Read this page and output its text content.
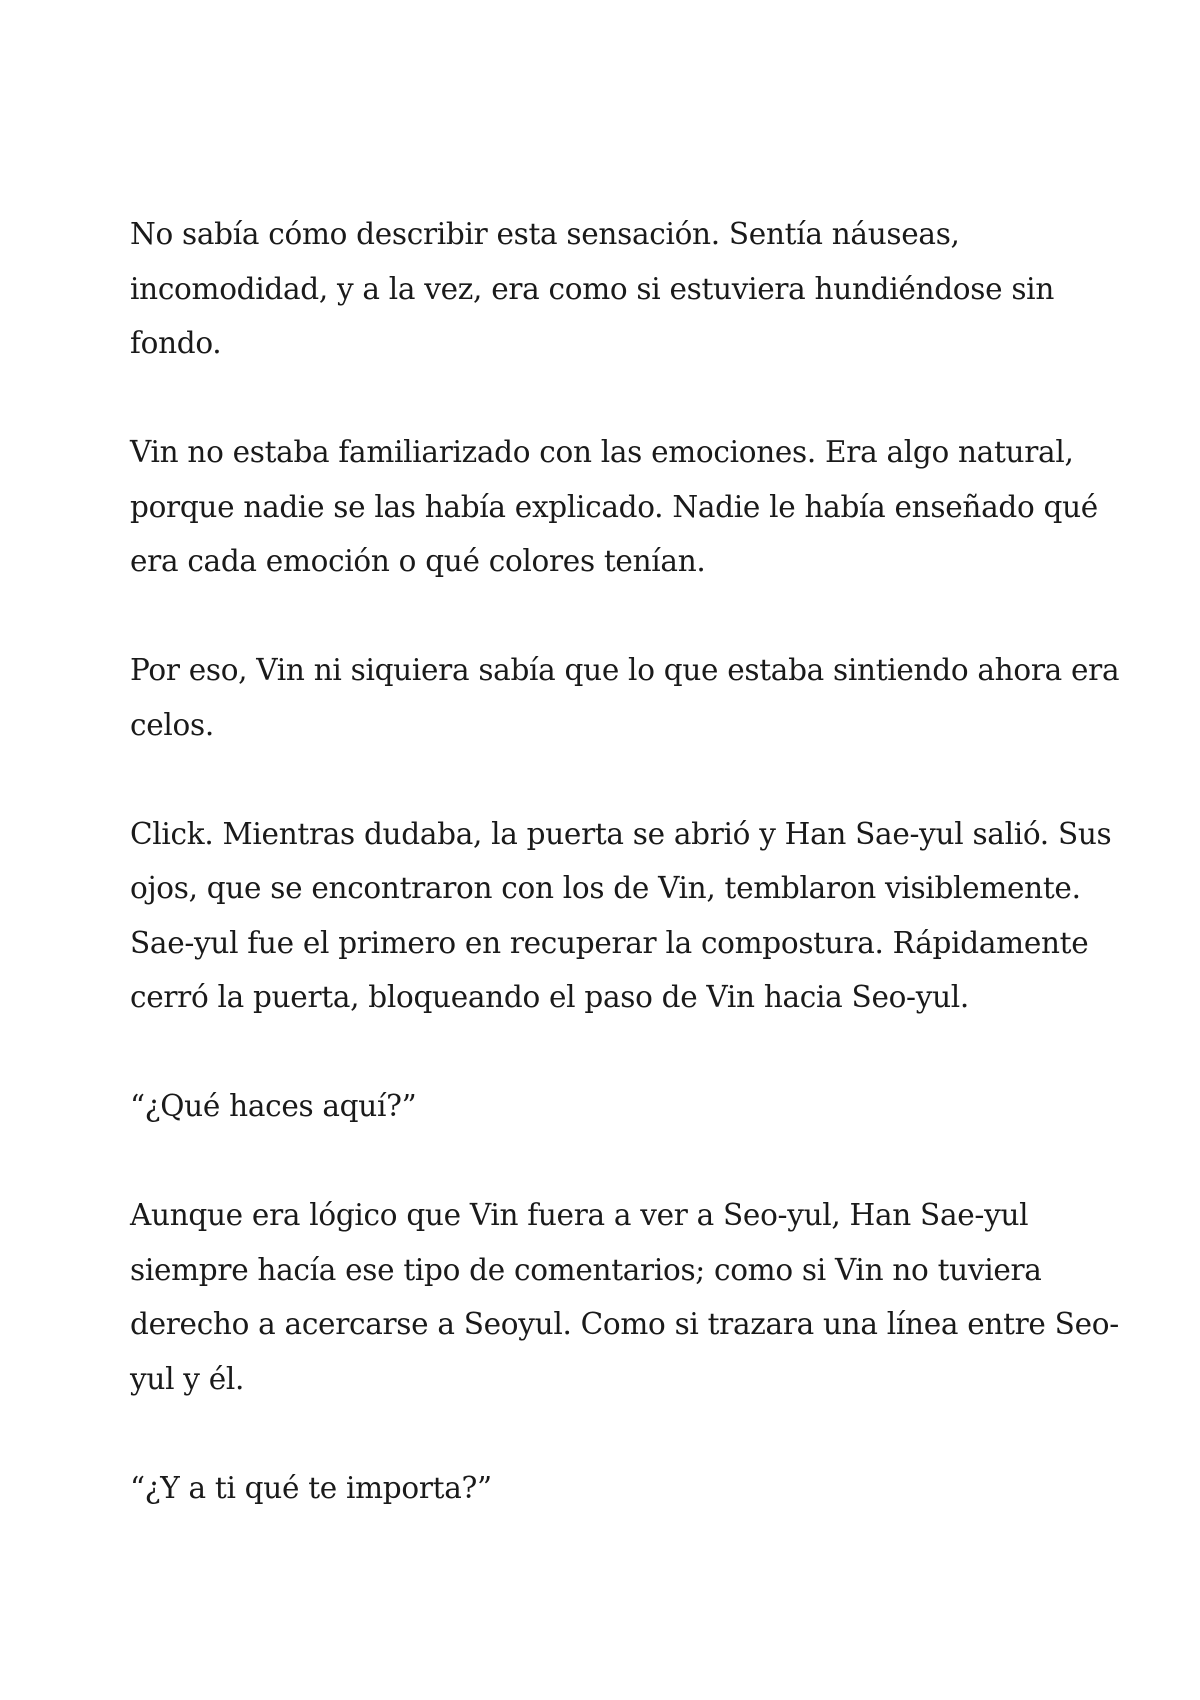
No sabía cómo describir esta sensación. Sentía náuseas,
incomodidad, y a la vez, era como si estuviera hundiéndose sin
fondo.

Vin no estaba familiarizado con las emociones. Era algo natural,
porque nadie se las había explicado. Nadie le había enseñado qué
era cada emoción o qué colores tenían.

Por eso, Vin ni siquiera sabía que lo que estaba sintiendo ahora era
celos.

Click. Mientras dudaba, la puerta se abrió y Han Sae-yul salió. Sus
ojos, que se encontraron con los de Vin, temblaron visiblemente.
Sae-yul fue el primero en recuperar la compostura. Rápidamente
cerró la puerta, bloqueando el paso de Vin hacia Seo-yul.

“¿Qué haces aquí?”

Aunque era lógico que Vin fuera a ver a Seo-yul, Han Sae-yul
siempre hacía ese tipo de comentarios; como si Vin no tuviera
derecho a acercarse a Seoyul. Como si trazara una línea entre Seo-
yul y él.

“¿Y a ti qué te importa?”
